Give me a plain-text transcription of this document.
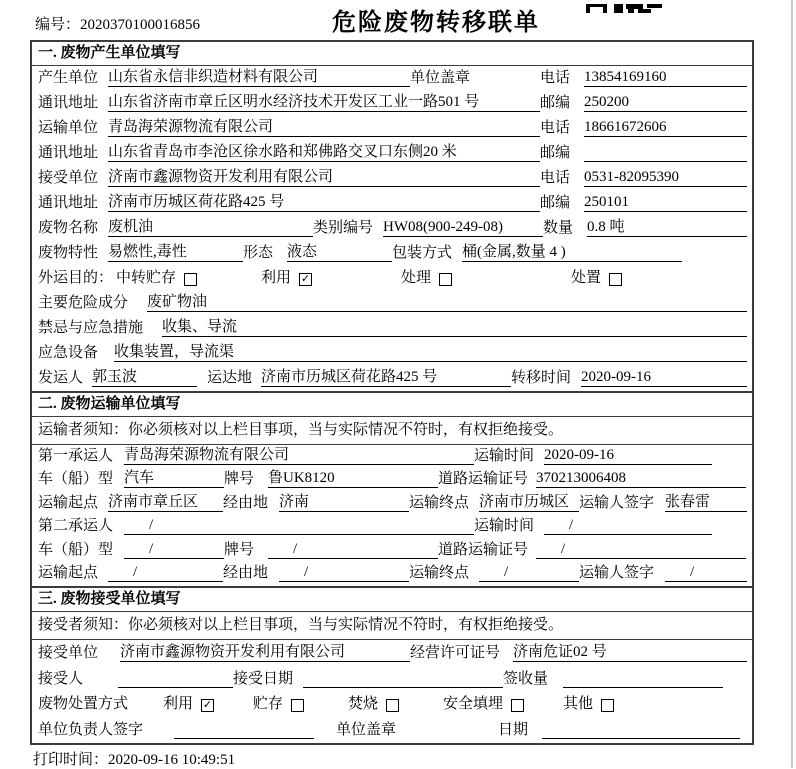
编号：2020370100016856	危险废物转移联单
一. 废物产生单位填写
产生单位 山东省永信非织造材料有限公司	单位盖章	电话 13854169160
通讯地址 山东省济南市章丘区明水经济技术开发区工业一路501 号	邮编 250200
运输单位 青岛海荣源物流有限公司	电话 18661672606
通讯地址 山东省青岛市李沧区徐水路和郑佛路交叉口东侧20 米	邮编
接受单位 济南市鑫源物资开发利用有限公司	电话 0531-82095390
通讯地址 济南市历城区荷花路425 号	邮编 250101
废物名称 废机油	类别编号 HW08(900-249-08)	数量 0.8 吨
废物特性 易燃性,毒性	形态 液态	包装方式 桶(金属,数量 4 )
外运目的： 中转贮存	利用 ✓	处理	处置
主要危险成分	废矿物油
禁忌与应急措施	收集、导流
应急设备 收集装置，导流渠
发运人 郭玉波	运达地 济南市历城区荷花路425 号	转移时间 2020-09-16
二. 废物运输单位填写
运输者须知：你必须核对以上栏目事项，当与实际情况不符时，有权拒绝接受。
第一承运人 青岛海荣源物流有限公司	运输时间 2020-09-16
车（船）型 汽车	牌号 鲁UK8120	道路运输证号 370213006408
运输起点 济南市章丘区	经由地 济南	运输终点 济南市历城区 运输人签字 张春雷
第二承运人	/	运输时间	/
车（船）型	/	牌号	/	道路运输证号	/
运输起点	/	经由地	/	运输终点	/	运输人签字	/
三. 废物接受单位填写
接受者须知：你必须核对以上栏目事项，当与实际情况不符时，有权拒绝接受。
接受单位 济南市鑫源物资开发利用有限公司	经营许可证号 济南危证02 号
接受人	接受日期	签收量
废物处置方式	利用 ✓	贮存	焚烧	安全填埋	其他
单位负责人签字	单位盖章	日期
打印时间：2020-09-16 10:49:51
